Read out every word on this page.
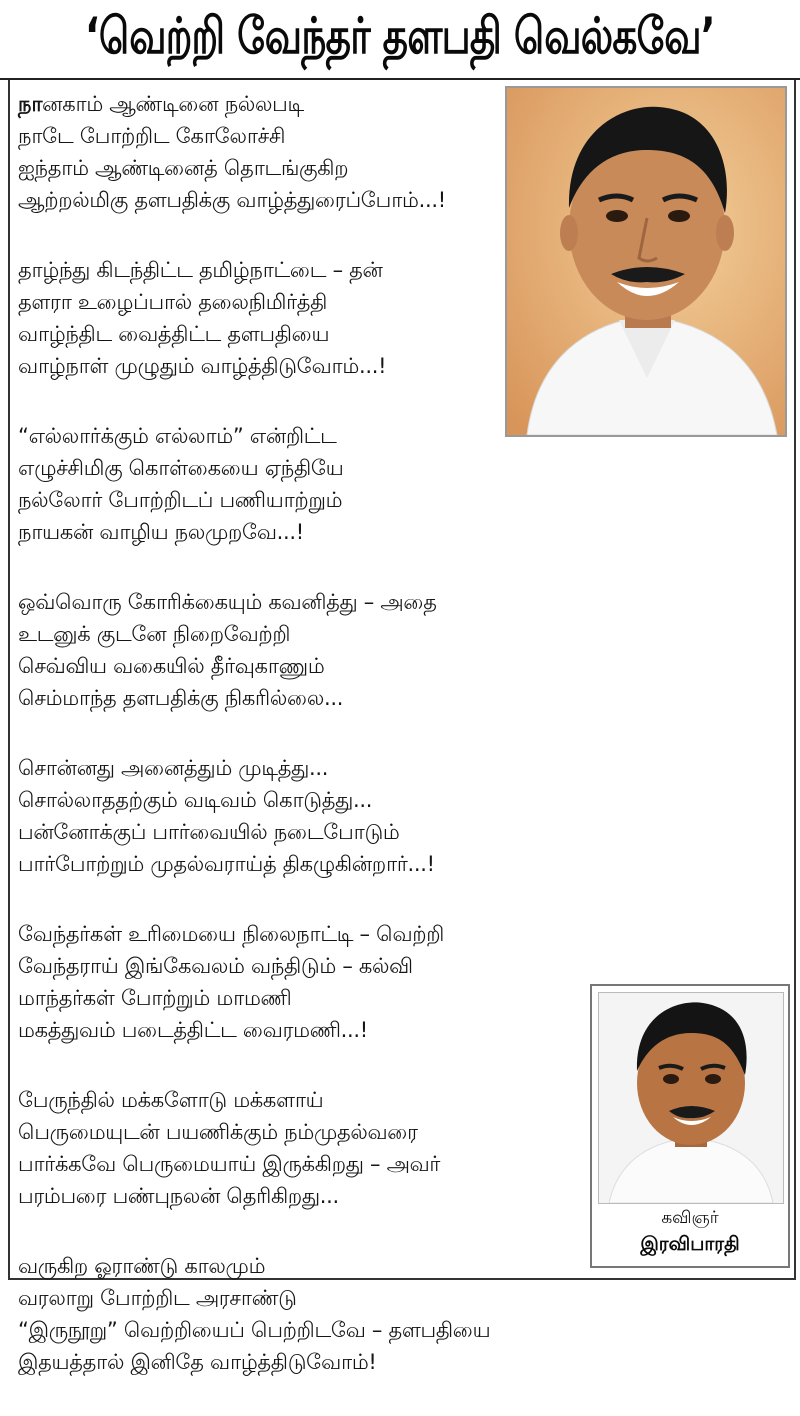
‘வெற்றி வேந்தர் தளபதி வெல்கவே’
நானகாம் ஆண்டினை நல்லபடி
நாடே போற்றிட கோலோச்சி
ஐந்தாம் ஆண்டினைத் தொடங்குகிற
ஆற்றல்மிகு தளபதிக்கு வாழ்த்துரைப்போம்...!
தாழ்ந்து கிடந்திட்ட தமிழ்நாட்டை – தன்
தளரா உழைப்பால் தலைநிமிர்த்தி
வாழ்ந்திட வைத்திட்ட தளபதியை
வாழ்நாள் முழுதும் வாழ்த்திடுவோம்...!
“எல்லார்க்கும் எல்லாம்” என்றிட்ட
எழுச்சிமிகு கொள்கையை ஏந்தியே
நல்லோர் போற்றிடப் பணியாற்றும்
நாயகன் வாழிய நலமுறவே...!
ஒவ்வொரு கோரிக்கையும் கவனித்து – அதை
உடனுக் குடனே நிறைவேற்றி
செவ்விய வகையில் தீர்வுகாணும்
செம்மாந்த தளபதிக்கு நிகரில்லை...
சொன்னது அனைத்தும் முடித்து...
சொல்லாததற்கும் வடிவம் கொடுத்து...
பன்னோக்குப் பார்வையில் நடைபோடும்
பார்போற்றும் முதல்வராய்த் திகழுகின்றார்...!
வேந்தர்கள் உரிமையை நிலைநாட்டி – வெற்றி
வேந்தராய் இங்கேவலம் வந்திடும் – கல்வி
மாந்தர்கள் போற்றும் மாமணி
மகத்துவம் படைத்திட்ட வைரமணி...!
பேருந்தில் மக்களோடு மக்களாய்
பெருமையுடன் பயணிக்கும் நம்முதல்வரை
பார்க்கவே பெருமையாய் இருக்கிறது – அவர்
பரம்பரை பண்புநலன் தெரிகிறது...
வருகிற ஓராண்டு காலமும்
வரலாறு போற்றிட அரசாண்டு
“இருநூறு” வெற்றியைப் பெற்றிடவே – தளபதியை
இதயத்தால் இனிதே வாழ்த்திடுவோம்!
கவிஞர்
இரவிபாரதி
